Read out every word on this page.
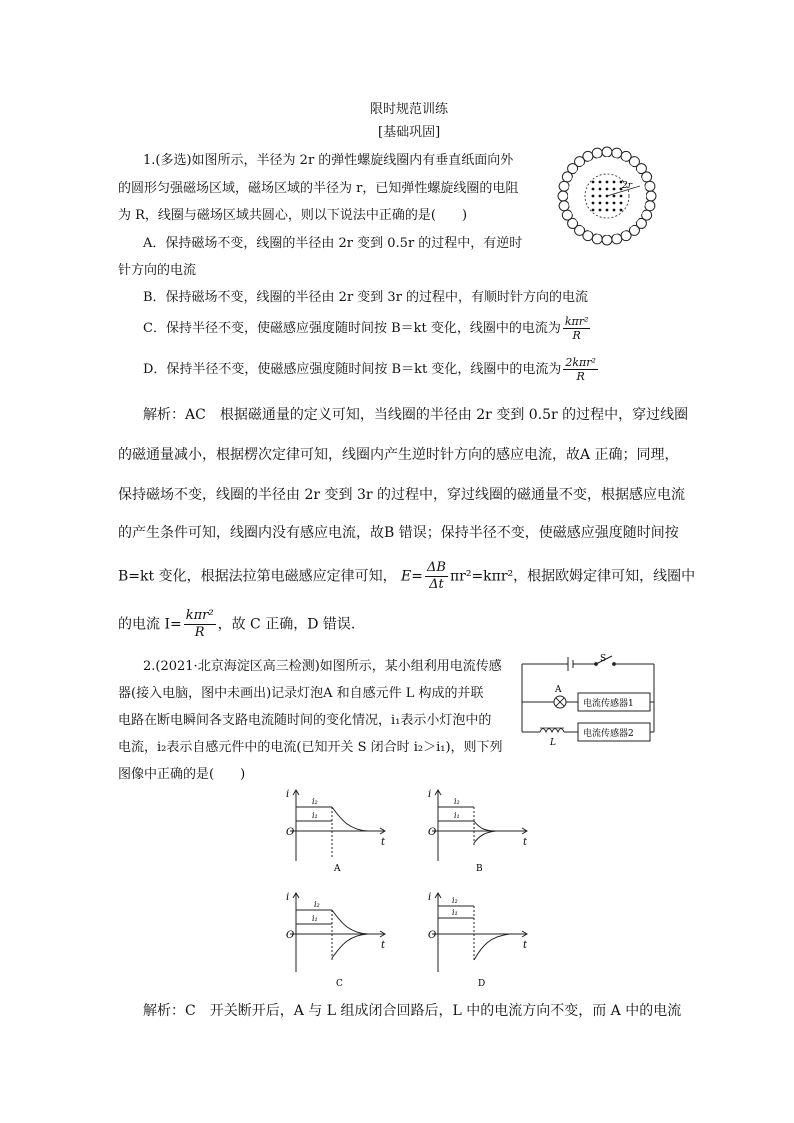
限时规范训练
[基础巩固]
1.(多选)如图所示，半径为 2r 的弹性螺旋线圈内有垂直纸面向外
的圆形匀强磁场区域，磁场区域的半径为 r，已知弹性螺旋线圈的电阻
为 R，线圈与磁场区域共圆心，则以下说法中正确的是(　　)
A．保持磁场不变，线圈的半径由 2r 变到 0.5r 的过程中，有逆时
针方向的电流
B．保持磁场不变，线圈的半径由 2r 变到 3r 的过程中，有顺时针方向的电流
C．保持半径不变，使磁感应强度随时间按 B＝kt 变化，线圈中的电流为 $\frac{\text{kπr²}}{R}$
D．保持半径不变，使磁感应强度随时间按 B＝kt 变化，线圈中的电流为 $\frac{\text{2kπr²}}{R}$
2r
解析：AC　根据磁通量的定义可知，当线圈的半径由 2r 变到 0.5r 的过程中，穿过线圈
的磁通量减小，根据楞次定律可知，线圈内产生逆时针方向的感应电流，故A 正确；同理，
保持磁场不变，线圈的半径由 2r 变到 3r 的过程中，穿过线圈的磁通量不变，根据感应电流
的产生条件可知，线圈内没有感应电流，故B 错误；保持半径不变，使磁感应强度随时间按
B=kt 变化，根据法拉第电磁感应定律可知， $E= \frac{\Delta B}{\Delta t} \pi r^2=k\pi r^2$，根据欧姆定律可知，线圈中
的电流 $I= \frac{\text{kπr²}}{R}$ ，故 C 正确，D 错误.
2.(2021·北京海淀区高三检测)如图所示，某小组利用电流传感
器(接入电脑，图中未画出)记录灯泡A 和自感元件 L 构成的并联
电路在断电瞬间各支路电流随时间的变化情况，i₁表示小灯泡中的
电流，i₂表示自感元件中的电流(已知开关 S 闭合时 i₂＞i₁)，则下列
图像中正确的是(　　)
S
A
L
电流传感器1
电流传感器2
i
O
t
i₂
i₁
A
i
O
t
i₂
i₁
B
i
O
t
i₂
i₁
C
i
O
t
i₂
i₁
D
解析：C　开关断开后，A 与 L 组成闭合回路后，L 中的电流方向不变，而 A 中的电流
